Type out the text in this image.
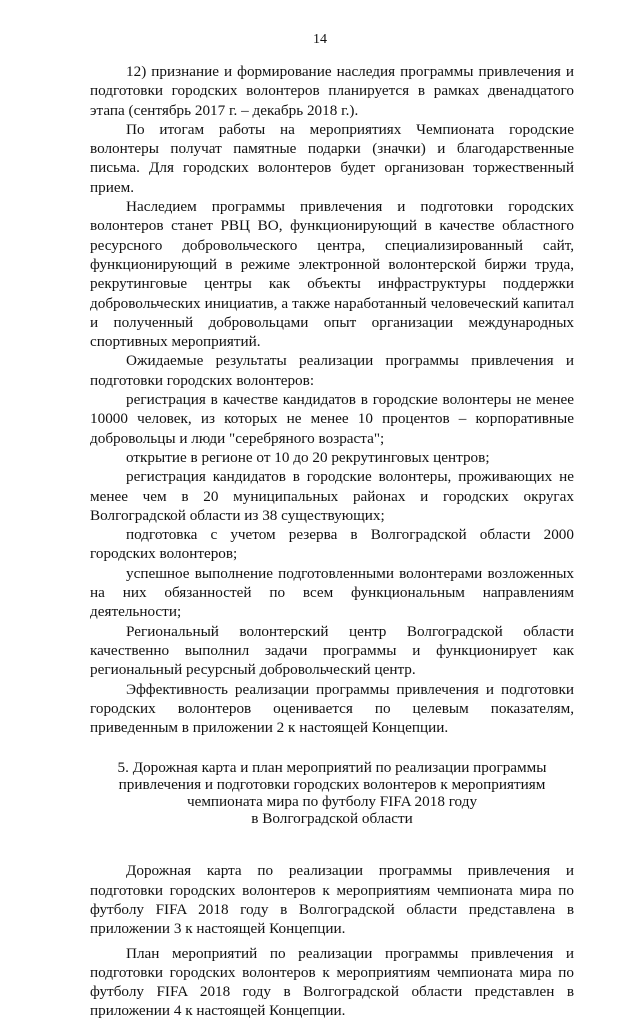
14

12) признание и формирование наследия программы привлечения и подготовки городских волонтеров планируется в рамках двенадцатого этапа (сентябрь 2017 г. – декабрь 2018 г.).

По итогам работы на мероприятиях Чемпионата городские волонтеры получат памятные подарки (значки) и благодарственные письма. Для городских волонтеров будет организован торжественный прием.

Наследием программы привлечения и подготовки городских волонтеров станет РВЦ ВО, функционирующий в качестве областного ресурсного добровольческого центра, специализированный сайт, функционирующий в режиме электронной волонтерской биржи труда, рекрутинговые центры как объекты инфраструктуры поддержки добровольческих инициатив, а также наработанный человеческий капитал и полученный добровольцами опыт организации международных спортивных мероприятий.

Ожидаемые результаты реализации программы привлечения и подготовки городских волонтеров:

регистрация в качестве кандидатов в городские волонтеры не менее 10000 человек, из которых не менее 10 процентов – корпоративные добровольцы и люди "серебряного возраста";

открытие в регионе от 10 до 20 рекрутинговых центров;

регистрация кандидатов в городские волонтеры, проживающих не менее чем в 20 муниципальных районах и городских округах Волгоградской области из 38 существующих;

подготовка с учетом резерва в Волгоградской области 2000 городских волонтеров;

успешное выполнение подготовленными волонтерами возложенных на них обязанностей по всем функциональным направлениям деятельности;

Региональный волонтерский центр Волгоградской области качественно выполнил задачи программы и функционирует как региональный ресурсный добровольческий центр.

Эффективность реализации программы привлечения и подготовки городских волонтеров оценивается по целевым показателям, приведенным в приложении 2 к настоящей Концепции.

5. Дорожная карта и план мероприятий по реализации программы
привлечения и подготовки городских волонтеров к мероприятиям
чемпионата мира по футболу FIFA 2018 году
в Волгоградской области

Дорожная карта по реализации программы привлечения и подготовки городских волонтеров к мероприятиям чемпионата мира по футболу FIFA 2018 году в Волгоградской области представлена в приложении 3 к настоящей Концепции.

План мероприятий по реализации программы привлечения и подготовки городских волонтеров к мероприятиям чемпионата мира по футболу FIFA 2018 году в Волгоградской области представлен в приложении 4 к настоящей Концепции.
